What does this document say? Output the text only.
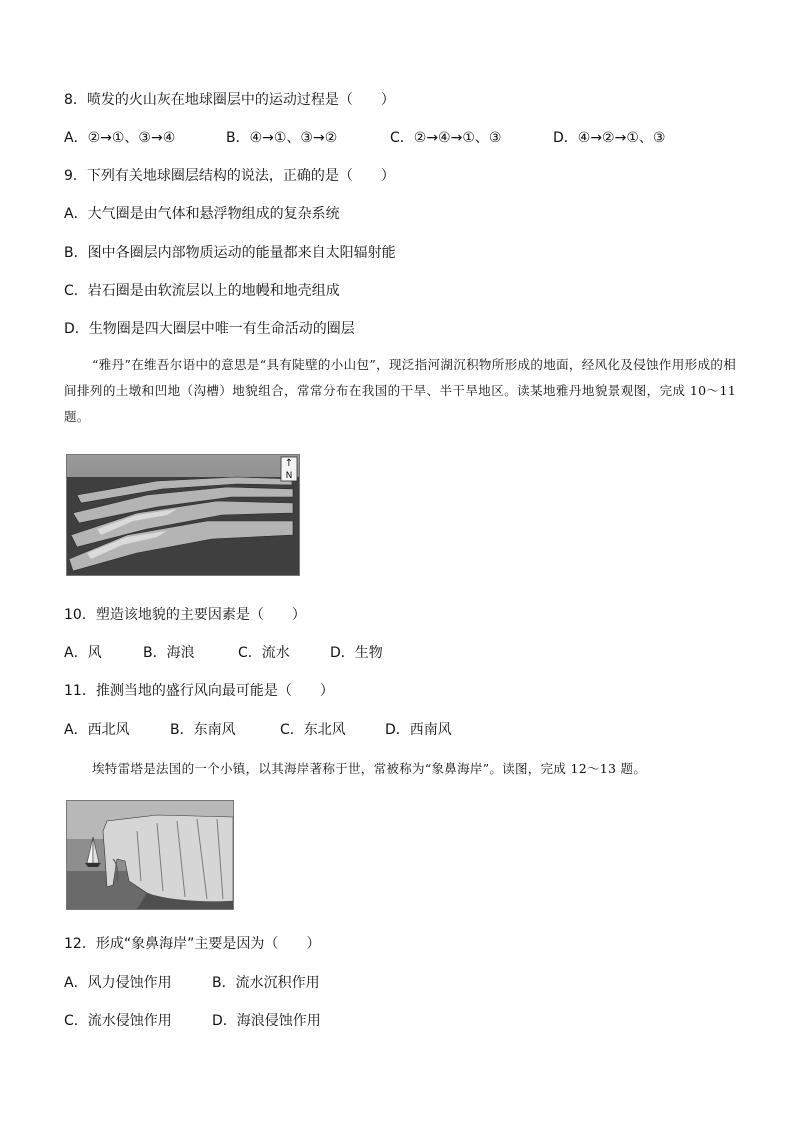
8．喷发的火山灰在地球圈层中的运动过程是（　　）
A．②→①、③→④	B．④→①、③→②	C．②→④→①、③	D．④→②→①、③
9．下列有关地球圈层结构的说法，正确的是（　　）
A．大气圈是由气体和悬浮物组成的复杂系统
B．图中各圈层内部物质运动的能量都来自太阳辐射能
C．岩石圈是由软流层以上的地幔和地壳组成
D．生物圈是四大圈层中唯一有生命活动的圈层
“雅丹”在维吾尔语中的意思是“具有陡壁的小山包”，现泛指河湖沉积物所形成的地面，经风化及侵蚀作用形成的相间排列的土墩和凹地（沟槽）地貌组合，常常分布在我国的干旱、半干旱地区。读某地雅丹地貌景观图，完成 10～11 题。
↑
N
10．塑造该地貌的主要因素是（　　）
A．风	B．海浪	C．流水	D．生物
11．推测当地的盛行风向最可能是（　　）
A．西北风	B．东南风	C．东北风	D．西南风
埃特雷塔是法国的一个小镇，以其海岸著称于世，常被称为“象鼻海岸”。读图，完成 12～13 题。
12．形成“象鼻海岸”主要是因为（　　）
A．风力侵蚀作用	B．流水沉积作用
C．流水侵蚀作用	D．海浪侵蚀作用
